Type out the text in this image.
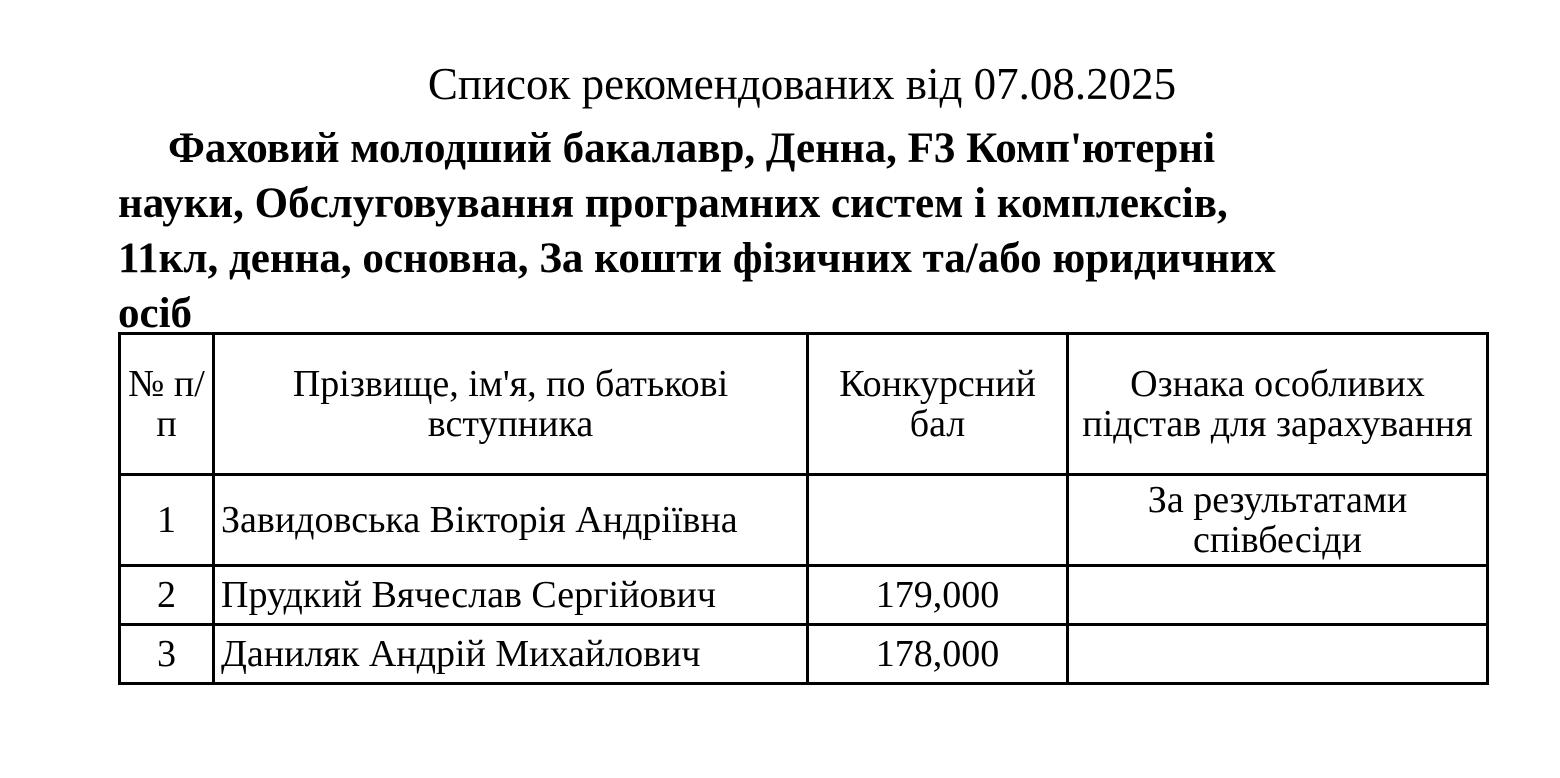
Список рекомендованих від 07.08.2025
Фаховий молодший бакалавр, Денна, F3 Комп'ютерні
науки, Обслуговування програмних систем і комплексів,
11кл, денна, основна, За кошти фізичних та/або юридичних
осіб
№ п/п	Прізвище, ім'я, по батькові вступника	Конкурсний бал	Ознака особливих підстав для зарахування
1	Завидовська Вікторія Андріївна		За результатами співбесіди
2	Прудкий Вячеслав Сергійович	179,000	
3	Даниляк Андрій Михайлович	178,000	
